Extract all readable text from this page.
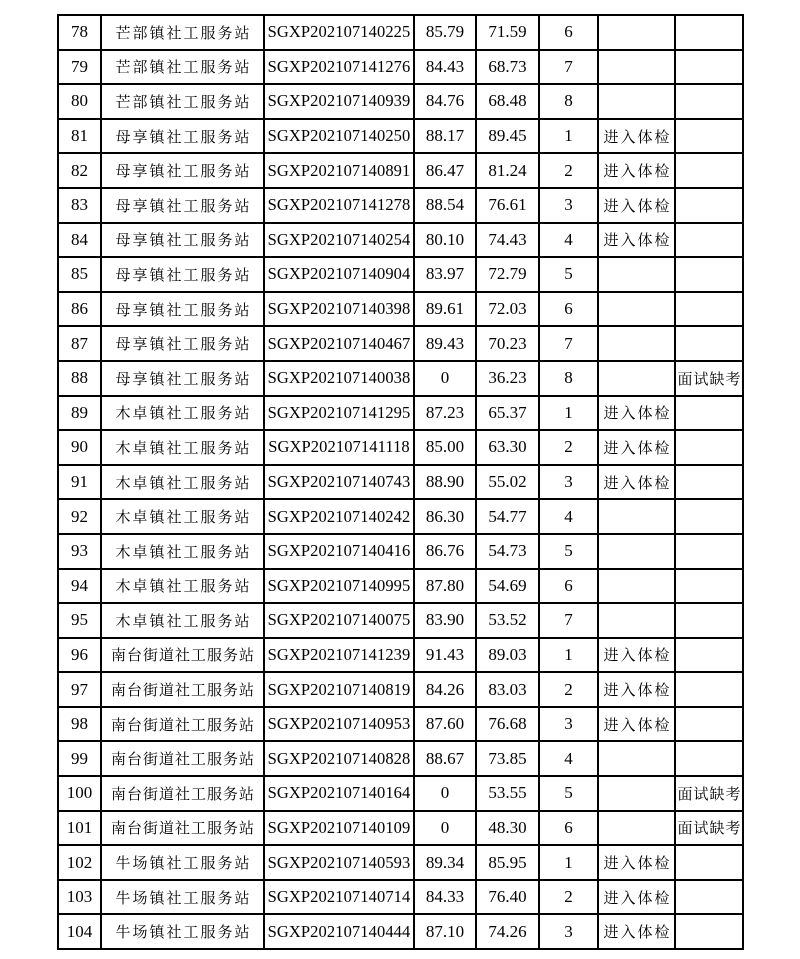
78	芒部镇社工服务站	SGXP202107140225	85.79	71.59	6		
79	芒部镇社工服务站	SGXP202107141276	84.43	68.73	7		
80	芒部镇社工服务站	SGXP202107140939	84.76	68.48	8		
81	母享镇社工服务站	SGXP202107140250	88.17	89.45	1	进入体检	
82	母享镇社工服务站	SGXP202107140891	86.47	81.24	2	进入体检	
83	母享镇社工服务站	SGXP202107141278	88.54	76.61	3	进入体检	
84	母享镇社工服务站	SGXP202107140254	80.10	74.43	4	进入体检	
85	母享镇社工服务站	SGXP202107140904	83.97	72.79	5		
86	母享镇社工服务站	SGXP202107140398	89.61	72.03	6		
87	母享镇社工服务站	SGXP202107140467	89.43	70.23	7		
88	母享镇社工服务站	SGXP202107140038	0	36.23	8		面试缺考
89	木卓镇社工服务站	SGXP202107141295	87.23	65.37	1	进入体检	
90	木卓镇社工服务站	SGXP202107141118	85.00	63.30	2	进入体检	
91	木卓镇社工服务站	SGXP202107140743	88.90	55.02	3	进入体检	
92	木卓镇社工服务站	SGXP202107140242	86.30	54.77	4		
93	木卓镇社工服务站	SGXP202107140416	86.76	54.73	5		
94	木卓镇社工服务站	SGXP202107140995	87.80	54.69	6		
95	木卓镇社工服务站	SGXP202107140075	83.90	53.52	7		
96	南台街道社工服务站	SGXP202107141239	91.43	89.03	1	进入体检	
97	南台街道社工服务站	SGXP202107140819	84.26	83.03	2	进入体检	
98	南台街道社工服务站	SGXP202107140953	87.60	76.68	3	进入体检	
99	南台街道社工服务站	SGXP202107140828	88.67	73.85	4		
100	南台街道社工服务站	SGXP202107140164	0	53.55	5		面试缺考
101	南台街道社工服务站	SGXP202107140109	0	48.30	6		面试缺考
102	牛场镇社工服务站	SGXP202107140593	89.34	85.95	1	进入体检	
103	牛场镇社工服务站	SGXP202107140714	84.33	76.40	2	进入体检	
104	牛场镇社工服务站	SGXP202107140444	87.10	74.26	3	进入体检	
